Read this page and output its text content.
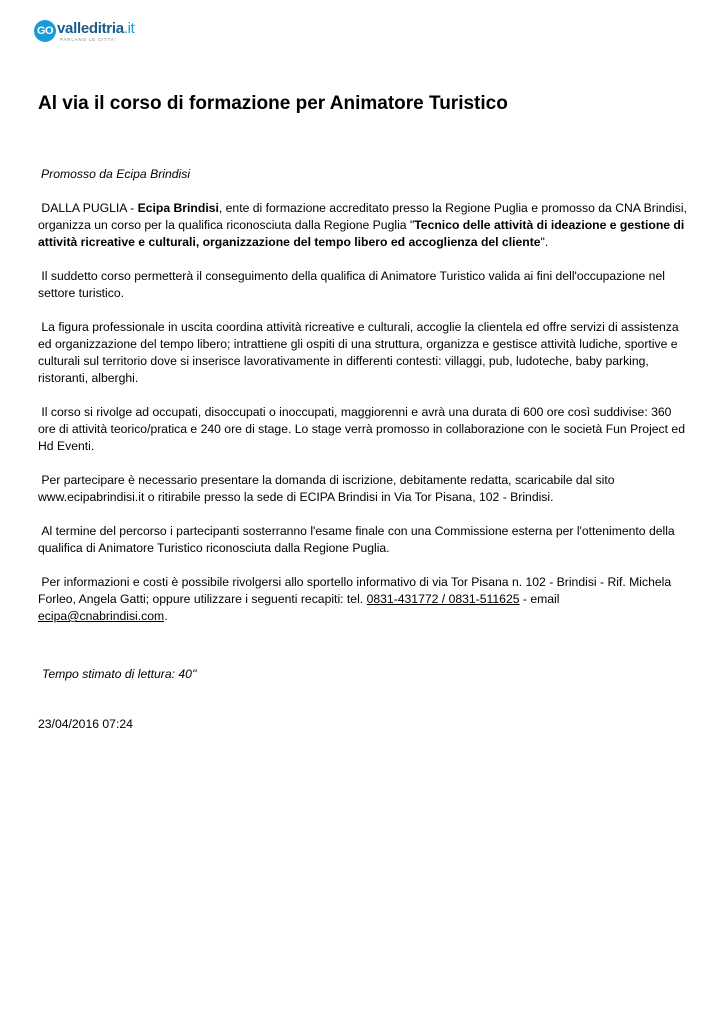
GO valleditria.it
PARLANO LE CITTA'
Al via il corso di formazione per Animatore Turistico

Promosso da Ecipa Brindisi

DALLA PUGLIA - Ecipa Brindisi, ente di formazione accreditato presso la Regione Puglia e promosso da CNA Brindisi, organizza un corso per la qualifica riconosciuta dalla Regione Puglia "Tecnico delle attività di ideazione e gestione di attività ricreative e culturali, organizzazione del tempo libero ed accoglienza del cliente".

Il suddetto corso permetterà il conseguimento della qualifica di Animatore Turistico valida ai fini dell'occupazione nel settore turistico.

La figura professionale in uscita coordina attività ricreative e culturali, accoglie la clientela ed offre servizi di assistenza ed organizzazione del tempo libero; intrattiene gli ospiti di una struttura, organizza e gestisce attività ludiche, sportive e culturali sul territorio dove si inserisce lavorativamente in differenti contesti: villaggi, pub, ludoteche, baby parking, ristoranti, alberghi.

Il corso si rivolge ad occupati, disoccupati o inoccupati, maggiorenni e avrà una durata di 600 ore così suddivise: 360 ore di attività teorico/pratica e 240 ore di stage. Lo stage verrà promosso in collaborazione con le società Fun Project ed Hd Eventi.

Per partecipare è necessario presentare la domanda di iscrizione, debitamente redatta, scaricabile dal sito www.ecipabrindisi.it o ritirabile presso la sede di ECIPA Brindisi in Via Tor Pisana, 102 - Brindisi.

Al termine del percorso i partecipanti sosterranno l'esame finale con una Commissione esterna per l'ottenimento della qualifica di Animatore Turistico riconosciuta dalla Regione Puglia.

Per informazioni e costi è possibile rivolgersi allo sportello informativo di via Tor Pisana n. 102 - Brindisi - Rif. Michela Forleo, Angela Gatti; oppure utilizzare i seguenti recapiti: tel. 0831-431772 / 0831-511625 - email ecipa@cnabrindisi.com.

Tempo stimato di lettura: 40''
23/04/2016 07:24
